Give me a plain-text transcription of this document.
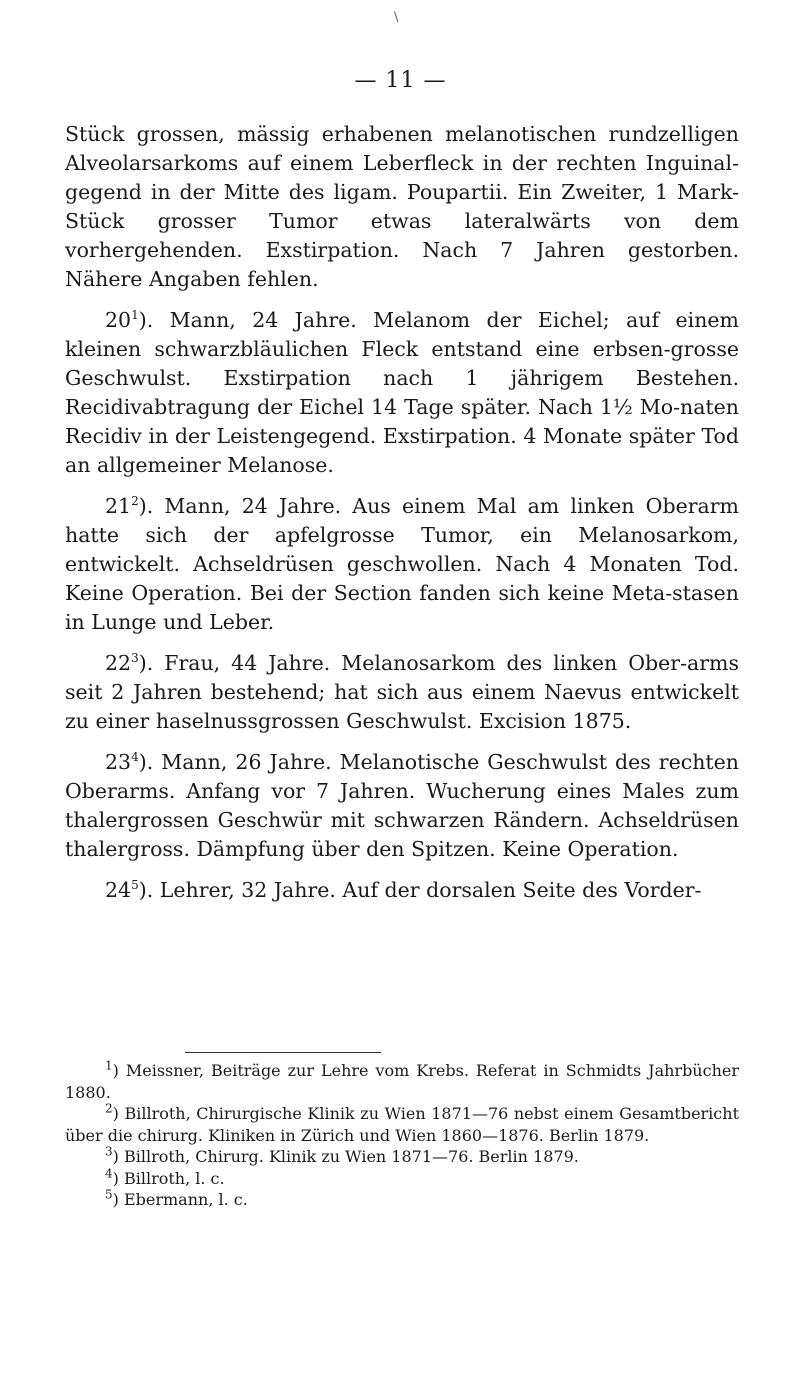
\
— 11 —

Stück grossen, mässig erhabenen melanotischen rundzelligen Alveolarsarkoms auf einem Leberfleck in der rechten Inguinal-gegend in der Mitte des ligam. Poupartii. Ein Zweiter, 1 Mark-Stück grosser Tumor etwas lateralwärts von dem vorhergehenden. Exstirpation. Nach 7 Jahren gestorben. Nähere Angaben fehlen.

$20^1$). Mann, 24 Jahre. Melanom der Eichel; auf einem kleinen schwarzbläulichen Fleck entstand eine erbsen-grosse Geschwulst. Exstirpation nach 1 jährigem Bestehen. Recidivabtragung der Eichel 14 Tage später. Nach 1½ Mo-naten Recidiv in der Leistengegend. Exstirpation. 4 Monate später Tod an allgemeiner Melanose.

$21^2$). Mann, 24 Jahre. Aus einem Mal am linken Oberarm hatte sich der apfelgrosse Tumor, ein Melanosarkom, entwickelt. Achseldrüsen geschwollen. Nach 4 Monaten Tod. Keine Operation. Bei der Section fanden sich keine Meta-stasen in Lunge und Leber.

$22^3$). Frau, 44 Jahre. Melanosarkom des linken Ober-arms seit 2 Jahren bestehend; hat sich aus einem Naevus entwickelt zu einer haselnussgrossen Geschwulst. Excision 1875.

$23^4$). Mann, 26 Jahre. Melanotische Geschwulst des rechten Oberarms. Anfang vor 7 Jahren. Wucherung eines Males zum thalergrossen Geschwür mit schwarzen Rändern. Achseldrüsen thalergross. Dämpfung über den Spitzen. Keine Operation.

$24^5$). Lehrer, 32 Jahre. Auf der dorsalen Seite des Vorder-

$^1$) Meissner, Beiträge zur Lehre vom Krebs. Referat in Schmidts Jahrbücher 1880.

$^2$) Billroth, Chirurgische Klinik zu Wien 1871—76 nebst einem Gesamtbericht über die chirurg. Kliniken in Zürich und Wien 1860—1876. Berlin 1879.

$^3$) Billroth, Chirurg. Klinik zu Wien 1871—76. Berlin 1879.

$^4$) Billroth, l. c.

$^5$) Ebermann, l. c.
